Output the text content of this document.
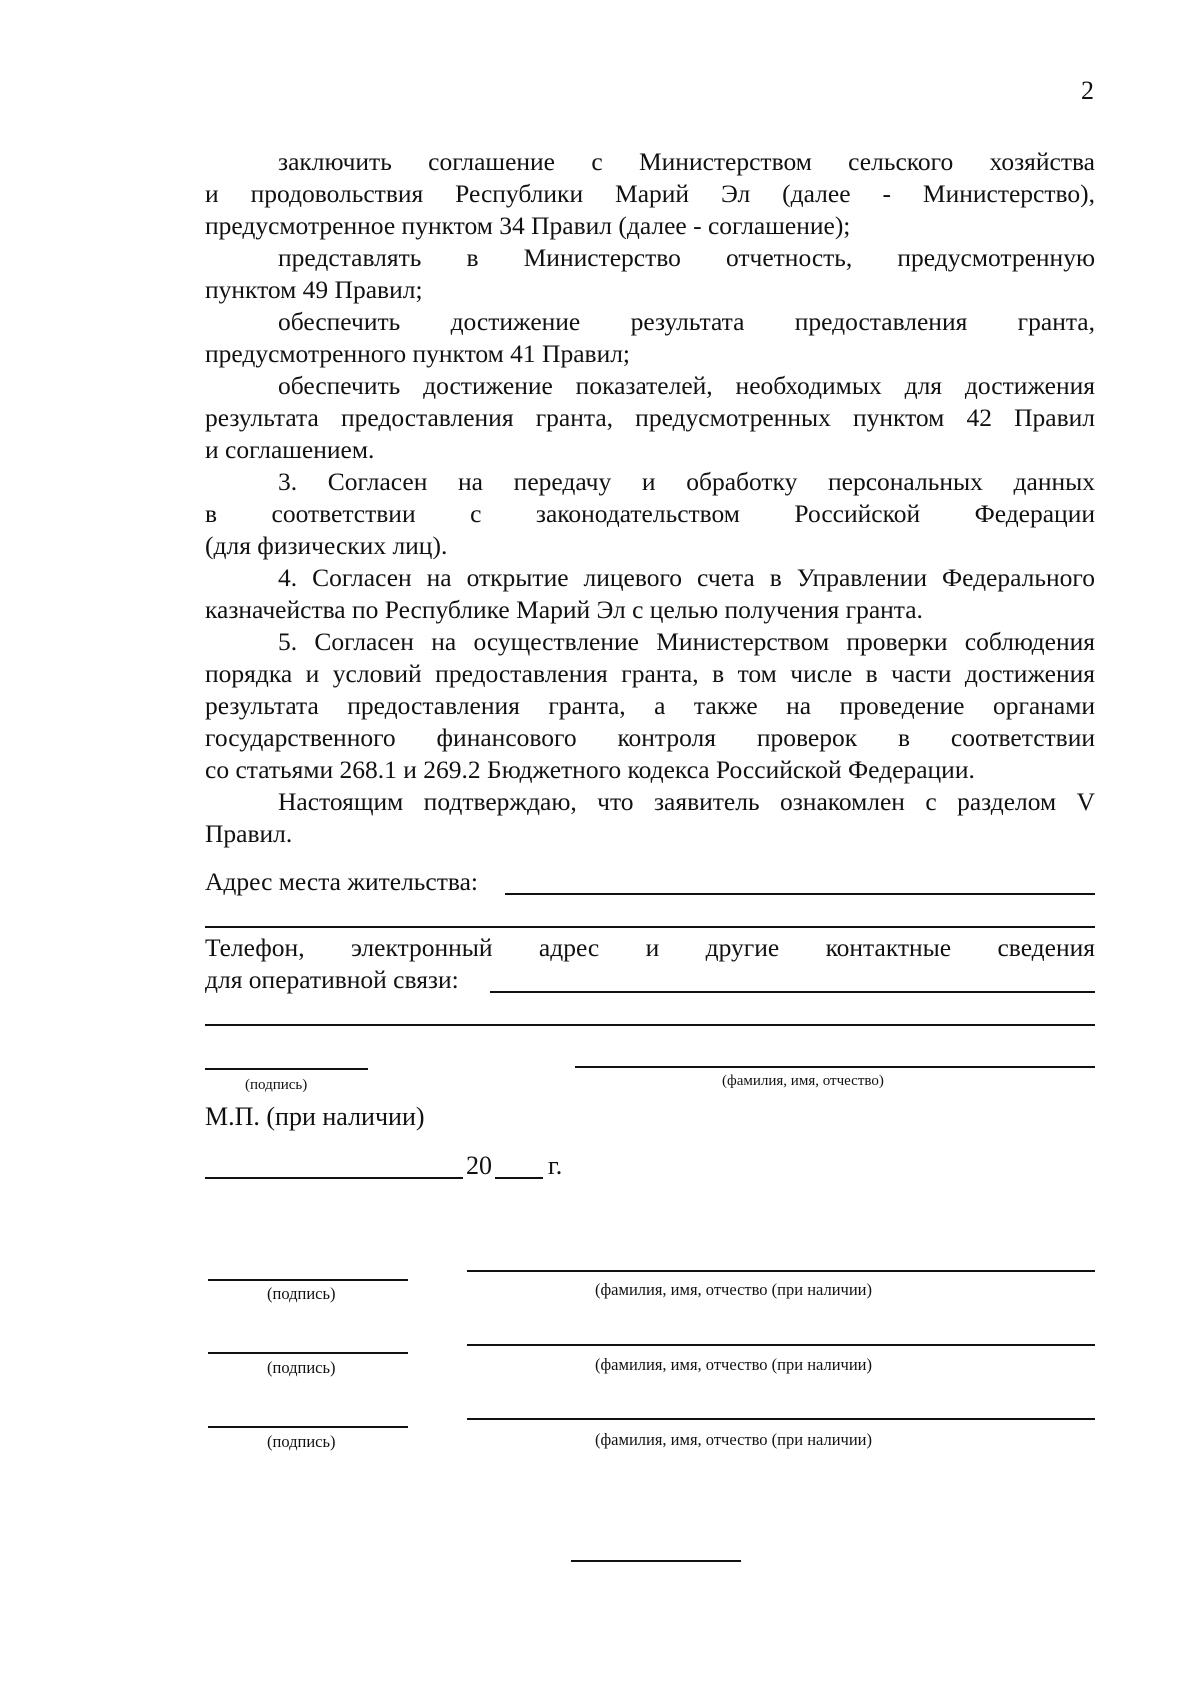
2

заключить соглашение с Министерством сельского хозяйства

и продовольствия Республики Марий Эл (далее - Министерство),

предусмотренное пунктом 34 Правил (далее - соглашение);

представлять в Министерство отчетность, предусмотренную

пунктом 49 Правил;

обеспечить достижение результата предоставления гранта,

предусмотренного пунктом 41 Правил;

обеспечить достижение показателей, необходимых для достижения

результата предоставления гранта, предусмотренных пунктом 42 Правил

и соглашением.

3. Согласен на передачу и обработку персональных данных

в соответствии с законодательством Российской Федерации

(для физических лиц).

4. Согласен на открытие лицевого счета в Управлении Федерального

казначейства по Республике Марий Эл с целью получения гранта.

5. Согласен на осуществление Министерством проверки соблюдения

порядка и условий предоставления гранта, в том числе в части достижения

результата предоставления гранта, а также на проведение органами

государственного финансового контроля проверок в соответствии

со статьями 268.1 и 269.2 Бюджетного кодекса Российской Федерации.

Настоящим подтверждаю, что заявитель ознакомлен с разделом V

Правил.

Адрес места жительства:
Телефон, электронный адрес и другие контактные сведения
для оперативной связи:
(подпись)	(фамилия, имя, отчество)
М.П. (при наличии)
20 г.
(подпись)	(фамилия, имя, отчество (при наличии)
(подпись)	(фамилия, имя, отчество (при наличии)
(подпись)	(фамилия, имя, отчество (при наличии)
